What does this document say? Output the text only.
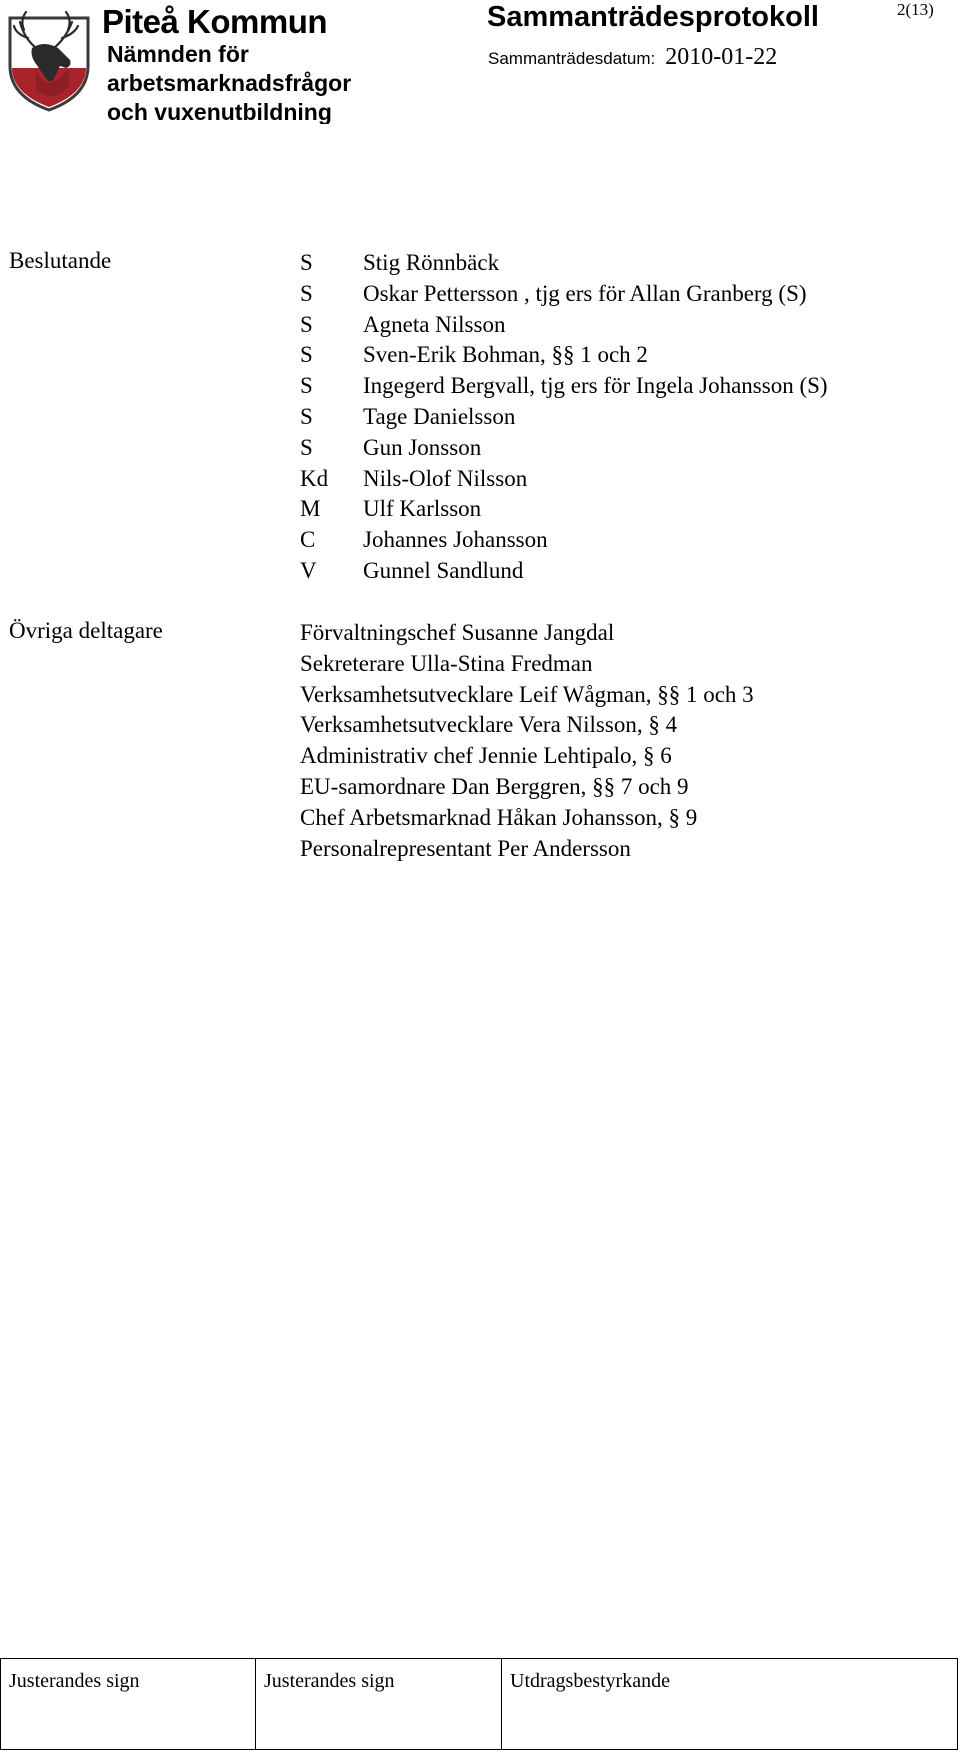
Piteå Kommun
Nämnden för arbetsmarknadsfrågor och vuxenutbildning
Sammanträdesprotokoll
Sammanträdesdatum: 2010-01-22
2(13)
Beslutande	S Stig Rönnbäck
S Oskar Pettersson , tjg ers för Allan Granberg (S)
S Agneta Nilsson
S Sven-Erik Bohman, §§ 1 och 2
S Ingegerd Bergvall, tjg ers för Ingela Johansson (S)
S Tage Danielsson
S Gun Jonsson
Kd Nils-Olof Nilsson
M Ulf Karlsson
C Johannes Johansson
V Gunnel Sandlund
Övriga deltagare	Förvaltningschef Susanne Jangdal
Sekreterare Ulla-Stina Fredman
Verksamhetsutvecklare Leif Wågman, §§ 1 och 3
Verksamhetsutvecklare Vera Nilsson, § 4
Administrativ chef Jennie Lehtipalo, § 6
EU-samordnare Dan Berggren, §§ 7 och 9
Chef Arbetsmarknad Håkan Johansson, § 9
Personalrepresentant Per Andersson
Justerandes sign	Justerandes sign	Utdragsbestyrkande
